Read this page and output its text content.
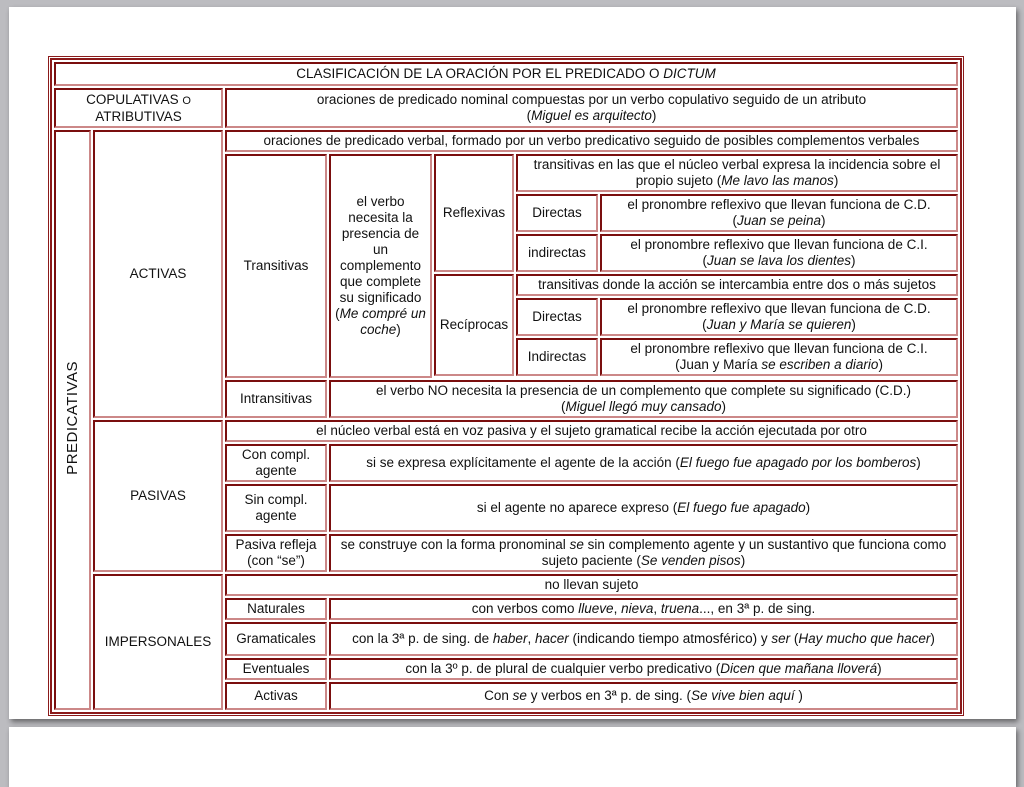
CLASIFICACIÓN DE LA ORACIÓN POR EL PREDICADO O DICTUM						
COPULATIVAS O
ATRIBUTIVAS		oraciones de predicado nominal compuestas por un verbo copulativo seguido de un atributo
(Miguel es arquitecto)				
PREDICATIVAS	ACTIVAS	oraciones de predicado verbal, formado por un verbo predicativo seguido de posibles complementos verbales				
		Transitivas	el verbo necesita la presencia de un complemento que complete su significado (Me compré un coche)	Reflexivas	transitivas en las que el núcleo verbal expresa la incidencia sobre el propio sujeto (Me lavo las manos)	
					Directas	el pronombre reflexivo que llevan funciona de C.D.
(Juan se peina)
					indirectas	el pronombre reflexivo que llevan funciona de C.I.
(Juan se lava los dientes)
				Recíprocas	transitivas donde la acción se intercambia entre dos o más sujetos	
					Directas	el pronombre reflexivo que llevan funciona de C.D.
(Juan y María se quieren)
					Indirectas	el pronombre reflexivo que llevan funciona de C.I.
(Juan y María se escriben a diario)

		Intransitivas	el verbo NO necesita la presencia de un complemento que complete su significado (C.D.)
(Miguel llegó muy cansado)			
	PASIVAS	el núcleo verbal está en voz pasiva y el sujeto gramatical recibe la acción ejecutada por otro				
		Con compl. agente	si se expresa explícitamente el agente de la acción (El fuego fue apagado por los bomberos)			
		Sin compl. agente	si el agente no aparece expreso (El fuego fue apagado)			
		Pasiva refleja (con “se”)	se construye con la forma pronominal se sin complemento agente y un sustantivo que funciona como sujeto paciente (Se venden pisos)			
	IMPERSONALES	no llevan sujeto				
		Naturales	con verbos como llueve, nieva, truena..., en 3ª p. de sing.			
		Gramaticales	con la 3ª p. de sing. de haber, hacer (indicando tiempo atmosférico) y ser (Hay mucho que hacer)			
		Eventuales	con la 3º p. de plural de cualquier verbo predicativo (Dicen que mañana lloverá)			
		Activas	Con se y verbos en 3ª p. de sing. (Se vive bien aquí )			
